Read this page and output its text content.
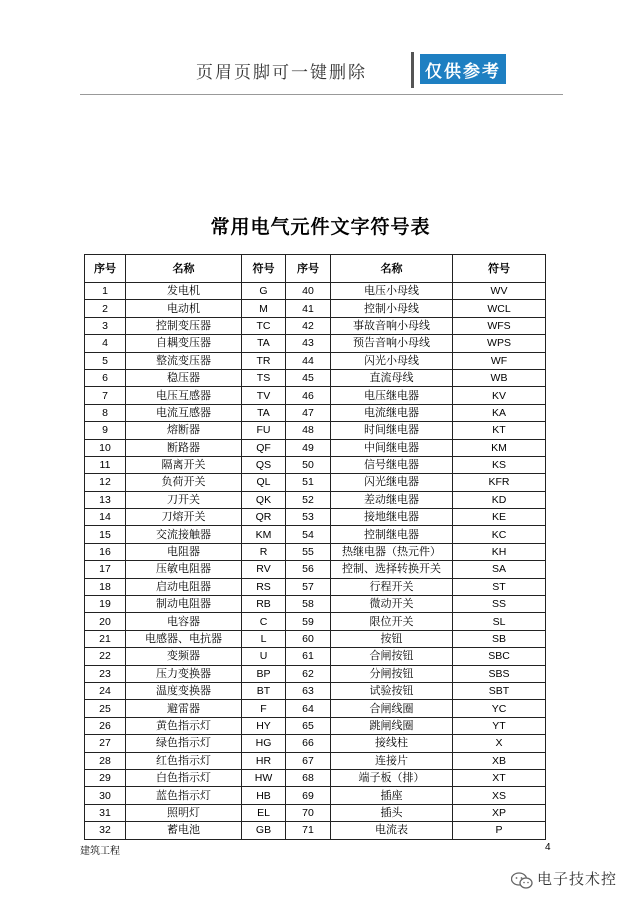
页眉页脚可一键删除	仅供参考
常用电气元件文字符号表
序号	名称	符号	序号	名称	符号
1	发电机	G	40	电压小母线	WV
2	电动机	M	41	控制小母线	WCL
3	控制变压器	TC	42	事故音响小母线	WFS
4	自耦变压器	TA	43	预告音响小母线	WPS
5	整流变压器	TR	44	闪光小母线	WF
6	稳压器	TS	45	直流母线	WB
7	电压互感器	TV	46	电压继电器	KV
8	电流互感器	TA	47	电流继电器	KA
9	熔断器	FU	48	时间继电器	KT
10	断路器	QF	49	中间继电器	KM
11	隔离开关	QS	50	信号继电器	KS
12	负荷开关	QL	51	闪光继电器	KFR
13	刀开关	QK	52	差动继电器	KD
14	刀熔开关	QR	53	接地继电器	KE
15	交流接触器	KM	54	控制继电器	KC
16	电阻器	R	55	热继电器（热元件）	KH
17	压敏电阻器	RV	56	控制、选择转换开关	SA
18	启动电阻器	RS	57	行程开关	ST
19	制动电阻器	RB	58	微动开关	SS
20	电容器	C	59	限位开关	SL
21	电感器、电抗器	L	60	按钮	SB
22	变频器	U	61	合闸按钮	SBC
23	压力变换器	BP	62	分闸按钮	SBS
24	温度变换器	BT	63	试验按钮	SBT
25	避雷器	F	64	合闸线圈	YC
26	黄色指示灯	HY	65	跳闸线圈	YT
27	绿色指示灯	HG	66	接线柱	X
28	红色指示灯	HR	67	连接片	XB
29	白色指示灯	HW	68	端子板（排）	XT
30	蓝色指示灯	HB	69	插座	XS
31	照明灯	EL	70	插头	XP
32	蓄电池	GB	71	电流表	P
建筑工程	4
电子技术控
